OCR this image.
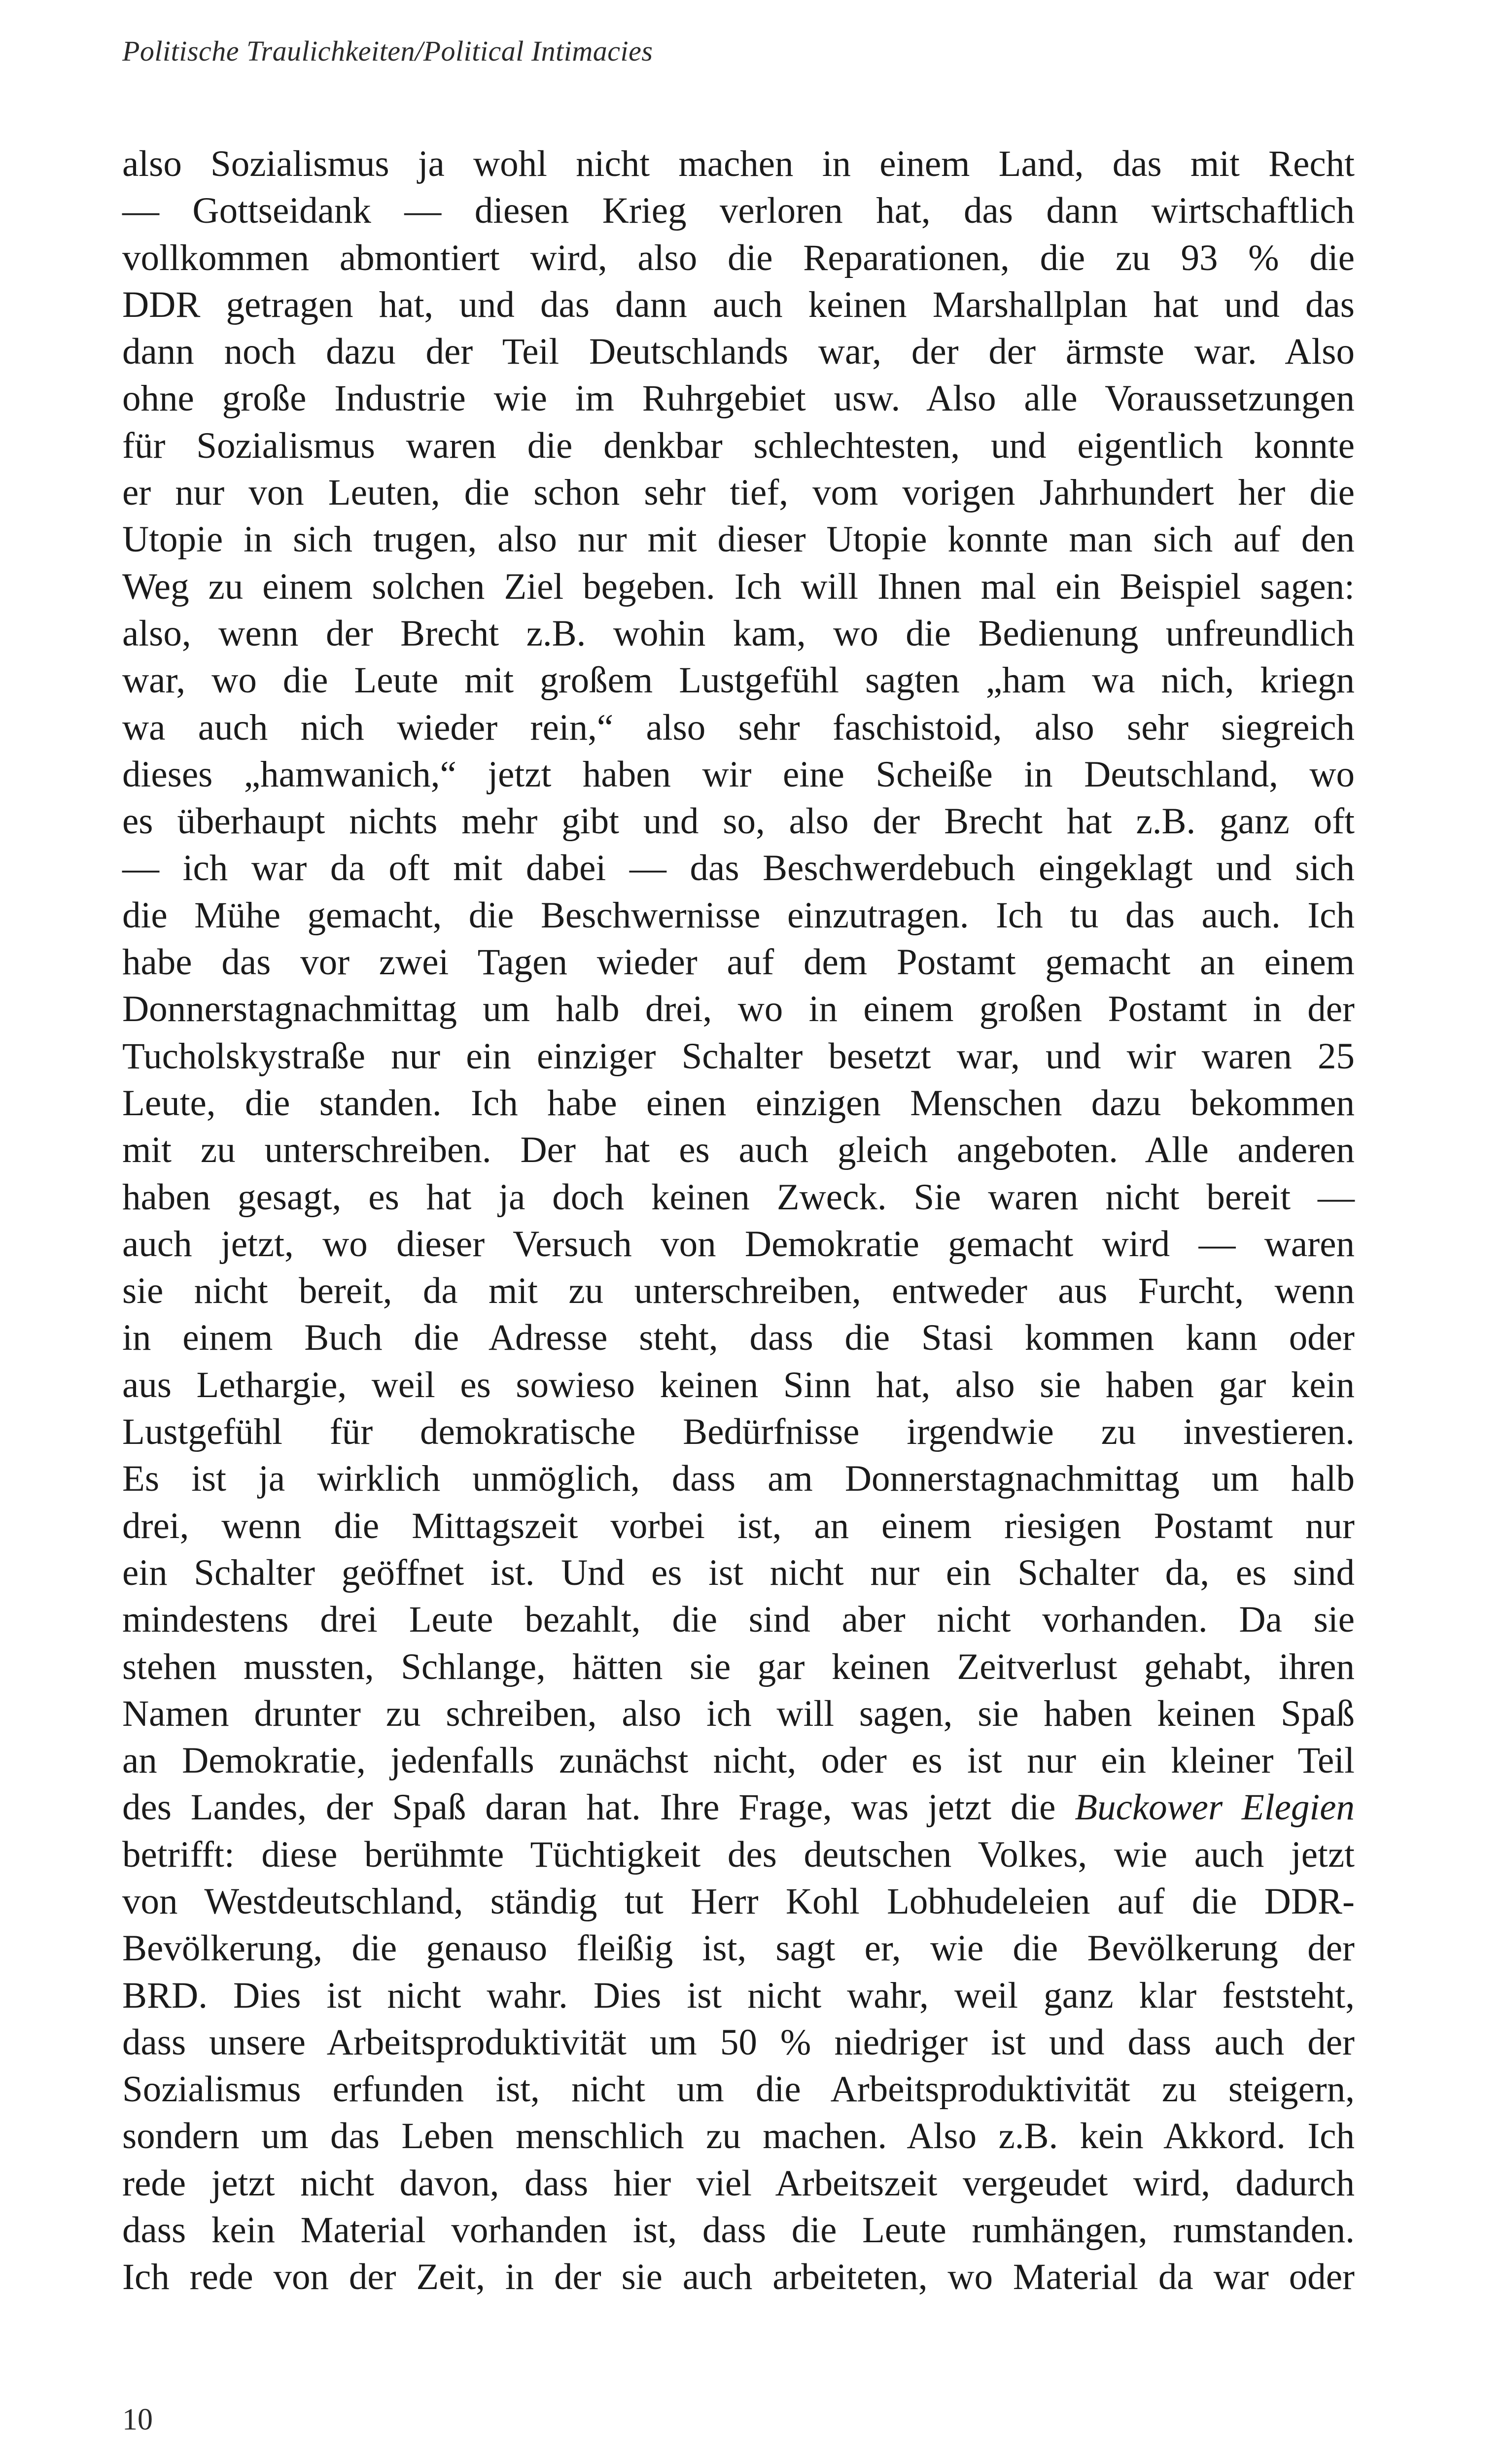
Politische Traulichkeiten/Political Intimacies
also Sozialismus ja wohl nicht machen in einem Land, das mit Recht
— Gottseidank — diesen Krieg verloren hat, das dann wirtschaftlich
vollkommen abmontiert wird, also die Reparationen, die zu 93 % die
DDR getragen hat, und das dann auch keinen Marshallplan hat und das
dann noch dazu der Teil Deutschlands war, der der ärmste war. Also
ohne große Industrie wie im Ruhrgebiet usw. Also alle Voraussetzungen
für Sozialismus waren die denkbar schlechtesten, und eigentlich konnte
er nur von Leuten, die schon sehr tief, vom vorigen Jahrhundert her die
Utopie in sich trugen, also nur mit dieser Utopie konnte man sich auf den
Weg zu einem solchen Ziel begeben. Ich will Ihnen mal ein Beispiel sagen:
also, wenn der Brecht z.B. wohin kam, wo die Bedienung unfreundlich
war, wo die Leute mit großem Lustgefühl sagten „ham wa nich, kriegn
wa auch nich wieder rein,“ also sehr faschistoid, also sehr siegreich
dieses „hamwanich,“ jetzt haben wir eine Scheiße in Deutschland, wo
es überhaupt nichts mehr gibt und so, also der Brecht hat z.B. ganz oft
— ich war da oft mit dabei — das Beschwerdebuch eingeklagt und sich
die Mühe gemacht, die Beschwernisse einzutragen. Ich tu das auch. Ich
habe das vor zwei Tagen wieder auf dem Postamt gemacht an einem
Donnerstagnachmittag um halb drei, wo in einem großen Postamt in der
Tucholskystraße nur ein einziger Schalter besetzt war, und wir waren 25
Leute, die standen. Ich habe einen einzigen Menschen dazu bekommen
mit zu unterschreiben. Der hat es auch gleich angeboten. Alle anderen
haben gesagt, es hat ja doch keinen Zweck. Sie waren nicht bereit —
auch jetzt, wo dieser Versuch von Demokratie gemacht wird — waren
sie nicht bereit, da mit zu unterschreiben, entweder aus Furcht, wenn
in einem Buch die Adresse steht, dass die Stasi kommen kann oder
aus Lethargie, weil es sowieso keinen Sinn hat, also sie haben gar kein
Lustgefühl für demokratische Bedürfnisse irgendwie zu investieren.
Es ist ja wirklich unmöglich, dass am Donnerstagnachmittag um halb
drei, wenn die Mittagszeit vorbei ist, an einem riesigen Postamt nur
ein Schalter geöffnet ist. Und es ist nicht nur ein Schalter da, es sind
mindestens drei Leute bezahlt, die sind aber nicht vorhanden. Da sie
stehen mussten, Schlange, hätten sie gar keinen Zeitverlust gehabt, ihren
Namen drunter zu schreiben, also ich will sagen, sie haben keinen Spaß
an Demokratie, jedenfalls zunächst nicht, oder es ist nur ein kleiner Teil
des Landes, der Spaß daran hat. Ihre Frage, was jetzt die Buckower Elegien
betrifft: diese berühmte Tüchtigkeit des deutschen Volkes, wie auch jetzt
von Westdeutschland, ständig tut Herr Kohl Lobhudeleien auf die DDR-
Bevölkerung, die genauso fleißig ist, sagt er, wie die Bevölkerung der
BRD. Dies ist nicht wahr. Dies ist nicht wahr, weil ganz klar feststeht,
dass unsere Arbeitsproduktivität um 50 % niedriger ist und dass auch der
Sozialismus erfunden ist, nicht um die Arbeitsproduktivität zu steigern,
sondern um das Leben menschlich zu machen. Also z.B. kein Akkord. Ich
rede jetzt nicht davon, dass hier viel Arbeitszeit vergeudet wird, dadurch
dass kein Material vorhanden ist, dass die Leute rumhängen, rumstanden.
Ich rede von der Zeit, in der sie auch arbeiteten, wo Material da war oder
10
